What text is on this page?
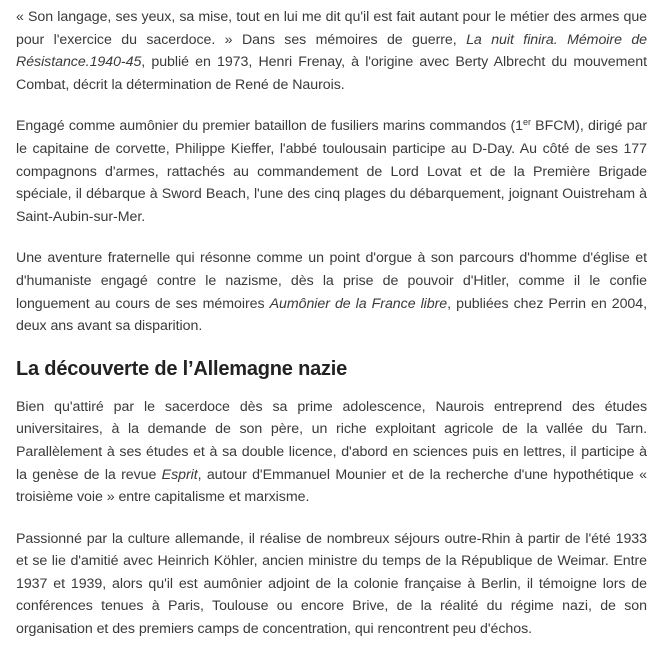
« Son langage, ses yeux, sa mise, tout en lui me dit qu'il est fait autant pour le métier des armes que pour l'exercice du sacerdoce. » Dans ses mémoires de guerre, La nuit finira. Mémoire de Résistance.1940-45, publié en 1973, Henri Frenay, à l'origine avec Berty Albrecht du mouvement Combat, décrit la détermination de René de Naurois.

Engagé comme aumônier du premier bataillon de fusiliers marins commandos (1er BFCM), dirigé par le capitaine de corvette, Philippe Kieffer, l'abbé toulousain participe au D-Day. Au côté de ses 177 compagnons d'armes, rattachés au commandement de Lord Lovat et de la Première Brigade spéciale, il débarque à Sword Beach, l'une des cinq plages du débarquement, joignant Ouistreham à Saint-Aubin-sur-Mer.

Une aventure fraternelle qui résonne comme un point d'orgue à son parcours d'homme d'église et d'humaniste engagé contre le nazisme, dès la prise de pouvoir d'Hitler, comme il le confie longuement au cours de ses mémoires Aumônier de la France libre, publiées chez Perrin en 2004, deux ans avant sa disparition.

La découverte de l’Allemagne nazie

Bien qu'attiré par le sacerdoce dès sa prime adolescence, Naurois entreprend des études universitaires, à la demande de son père, un riche exploitant agricole de la vallée du Tarn. Parallèlement à ses études et à sa double licence, d'abord en sciences puis en lettres, il participe à la genèse de la revue Esprit, autour d'Emmanuel Mounier et de la recherche d'une hypothétique « troisième voie » entre capitalisme et marxisme.

Passionné par la culture allemande, il réalise de nombreux séjours outre-Rhin à partir de l'été 1933 et se lie d'amitié avec Heinrich Köhler, ancien ministre du temps de la République de Weimar. Entre 1937 et 1939, alors qu'il est aumônier adjoint de la colonie française à Berlin, il témoigne lors de conférences tenues à Paris, Toulouse ou encore Brive, de la réalité du régime nazi, de son organisation et des premiers camps de concentration, qui rencontrent peu d'échos.
